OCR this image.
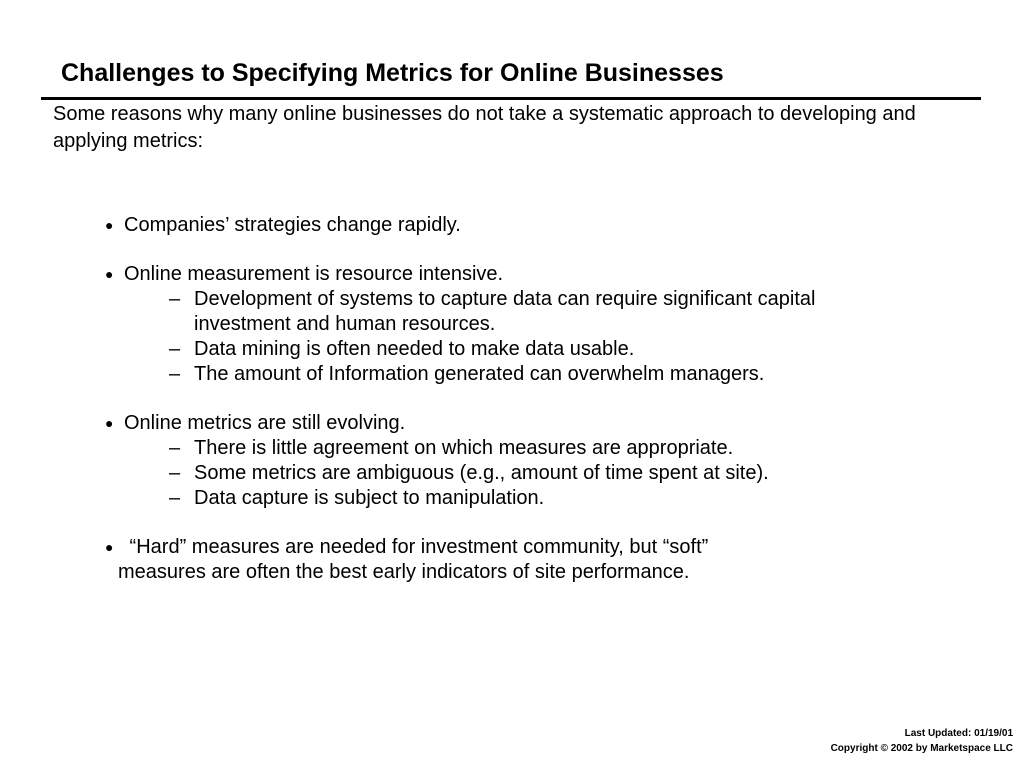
Challenges to Specifying Metrics for Online Businesses

Some reasons why many online businesses do not take a systematic approach to developing and applying metrics:

● Companies’ strategies change rapidly.
● Online measurement is resource intensive.
– Development of systems to capture data can require significant capital investment and human resources.
– Data mining is often needed to make data usable.
– The amount of Information generated can overwhelm managers.
● Online metrics are still evolving.
– There is little agreement on which measures are appropriate.
– Some metrics are ambiguous (e.g., amount of time spent at site).
– Data capture is subject to manipulation.
● “Hard” measures are needed for investment community, but “soft”
measures are often the best early indicators of site performance.
Last Updated: 01/19/01
Copyright © 2002 by Marketspace LLC
